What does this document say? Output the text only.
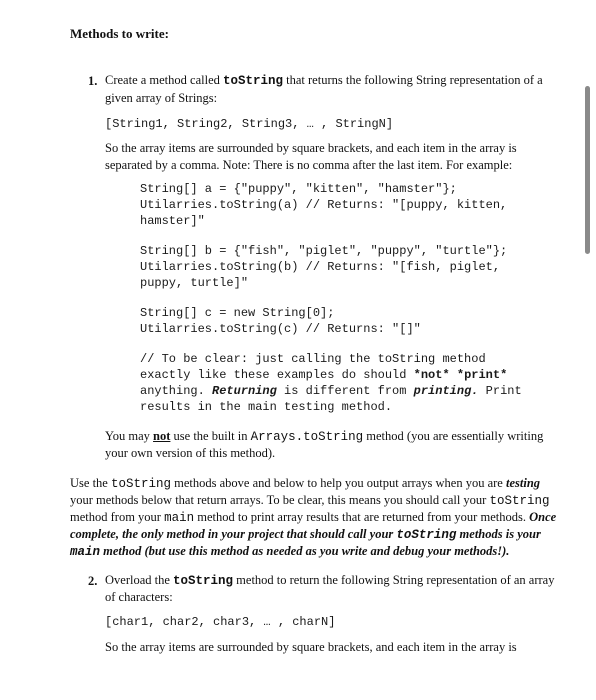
Methods to write:
1. Create a method called toString that returns the following String representation of a
given array of Strings:
[String1, String2, String3, … , StringN]
So the array items are surrounded by square brackets, and each item in the array is
separated by a comma. Note: There is no comma after the last item. For example:
String[] a = {"puppy", "kitten", "hamster"};
Utilarries.toString(a) // Returns: "[puppy, kitten,
hamster]"
String[] b = {"fish", "piglet", "puppy", "turtle"};
Utilarries.toString(b) // Returns: "[fish, piglet,
puppy, turtle]"
String[] c = new String[0];
Utilarries.toString(c) // Returns: "[]"
// To be clear: just calling the toString method
exactly like these examples do should *not* *print*
anything. Returning is different from printing. Print
results in the main testing method.
You may not use the built in Arrays.toString method (you are essentially writing
your own version of this method).
Use the toString methods above and below to help you output arrays when you are testing
your methods below that return arrays. To be clear, this means you should call your toString
method from your main method to print array results that are returned from your methods. Once
complete, the only method in your project that should call your toString methods is your
main method (but use this method as needed as you write and debug your methods!).
2. Overload the toString method to return the following String representation of an array
of characters:
[char1, char2, char3, … , charN]
So the array items are surrounded by square brackets, and each item in the array is
